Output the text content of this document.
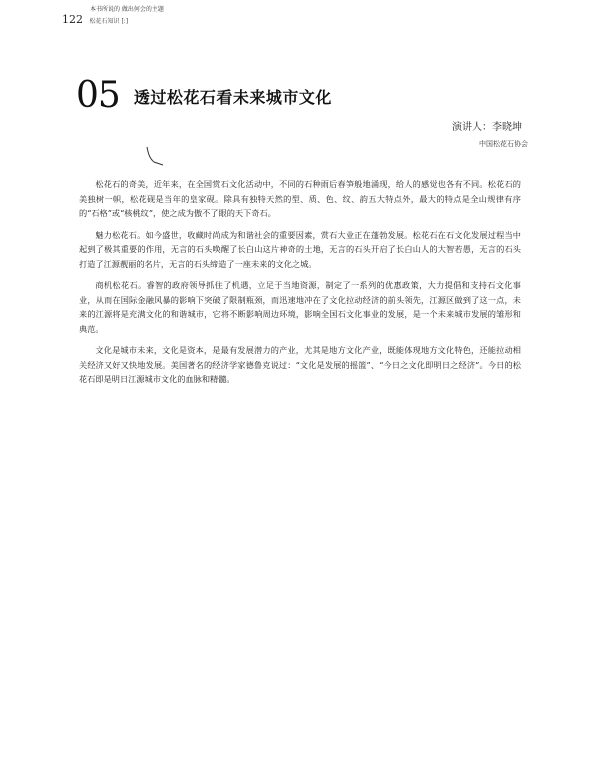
本书所说的 做出何会的主题
122 松花石知识 [:]
05 透过松花石看未来城市文化
演讲人：李晓坤
中国松花石协会

松花石的奇美，近年来，在全国赏石文化活动中，不同的石种雨后春笋般地涌现，给人的感觉也各有不同。松花石的美独树一帜，松花砚是当年的皇家砚。除具有独特天然的型、质、色、纹、韵五大特点外，最大的特点是全山规律有序的“石格”或“核桃纹”，使之成为傲不了眼的天下奇石。

魅力松花石。如今盛世，收藏时尚成为和谐社会的重要因素，赏石大业正在蓬勃发展。松花石在石文化发展过程当中起到了极其重要的作用，无言的石头唤醒了长白山这片神奇的土地，无言的石头开启了长白山人的大智若愚，无言的石头打造了江源靓丽的名片，无言的石头缔造了一座未来的文化之城。

商机松花石。睿智的政府领导抓住了机遇，立足于当地资源，制定了一系列的优惠政策，大力提倡和支持石文化事业，从而在国际金融风暴的影响下突破了限制瓶颈，而迅速地冲在了文化拉动经济的前头领先，江源区做到了这一点，未来的江源将是充满文化的和谐城市，它将不断影响周边环境，影响全国石文化事业的发展，是一个未来城市发展的雏形和典范。

文化是城市未来，文化是资本，是最有发展潜力的产业，尤其是地方文化产业，既能体现地方文化特色，还能拉动相关经济又好又快地发展。美国著名的经济学家德鲁克说过：“文化是发展的摇篮”、“今日之文化即明日之经济”。今日的松花石即是明日江源城市文化的血脉和精髓。
